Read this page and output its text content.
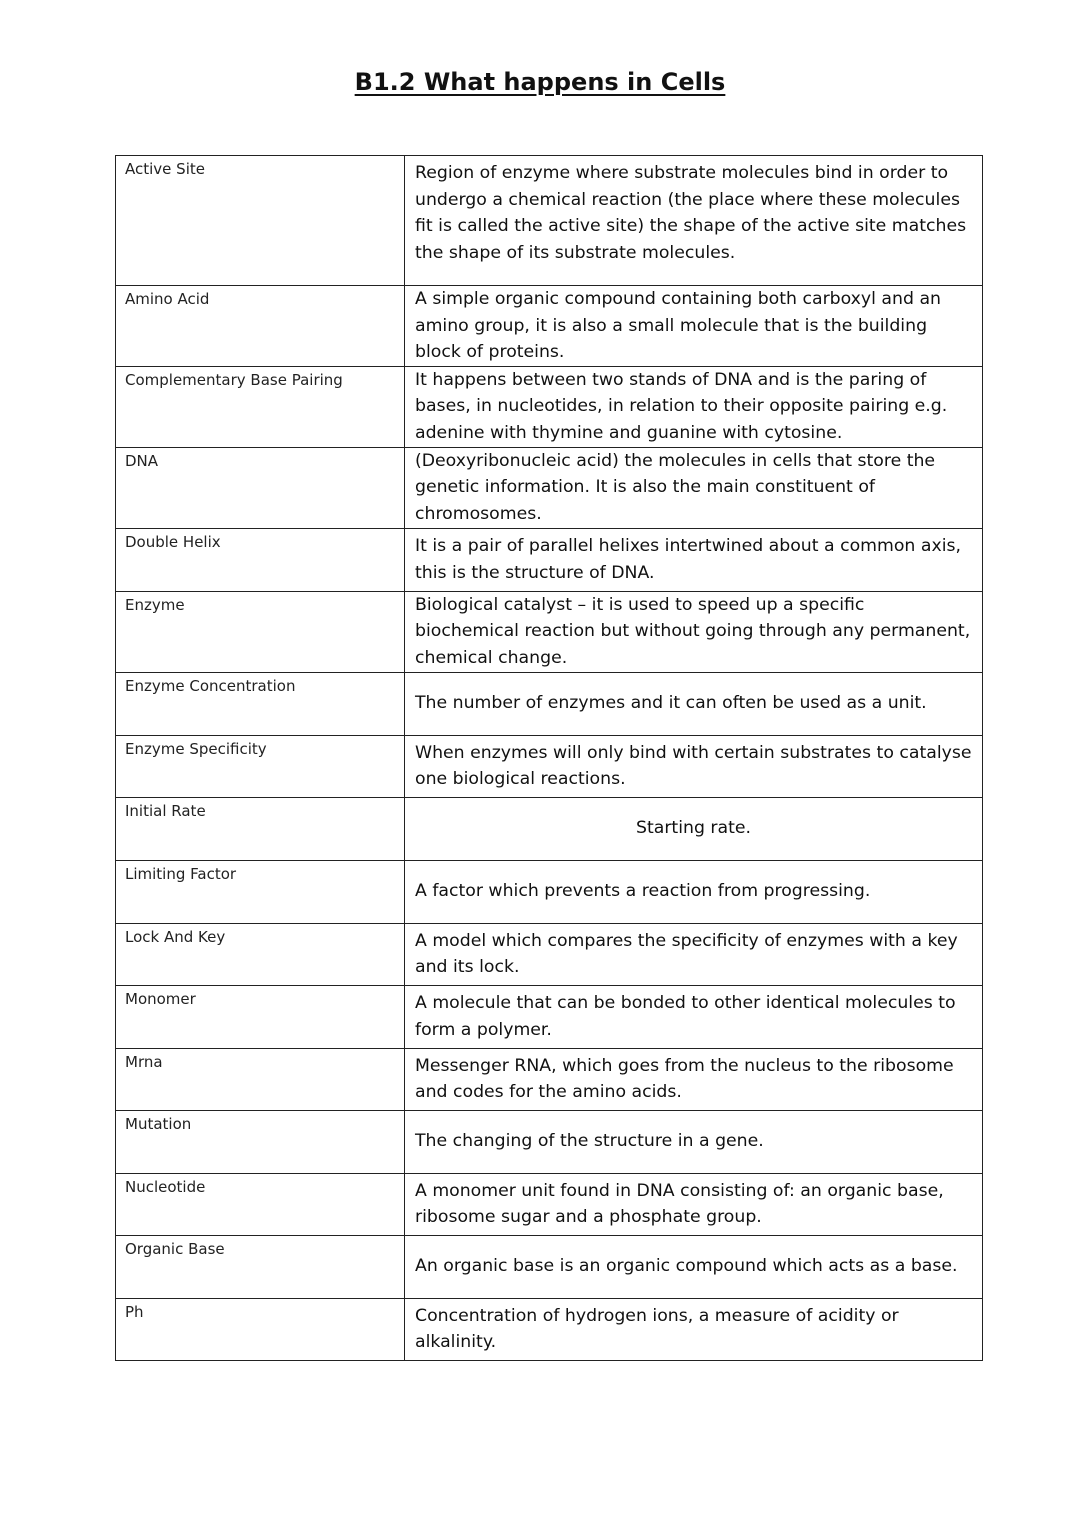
B1.2 What happens in Cells
Active Site	Region of enzyme where substrate molecules bind in order to undergo a chemical reaction (the place where these molecules fit is called the active site) the shape of the active site matches the shape of its substrate molecules.
Amino Acid	A simple organic compound containing both carboxyl and an amino group, it is also a small molecule that is the building block of proteins.
Complementary Base Pairing	It happens between two stands of DNA and is the paring of bases, in nucleotides, in relation to their opposite pairing e.g. adenine with thymine and guanine with cytosine.
DNA	(Deoxyribonucleic acid) the molecules in cells that store the genetic information. It is also the main constituent of chromosomes.
Double Helix	It is a pair of parallel helixes intertwined about a common axis, this is the structure of DNA.
Enzyme	Biological catalyst – it is used to speed up a specific biochemical reaction but without going through any permanent, chemical change.
Enzyme Concentration	The number of enzymes and it can often be used as a unit.
Enzyme Specificity	When enzymes will only bind with certain substrates to catalyse one biological reactions.
Initial Rate	Starting rate.
Limiting Factor	A factor which prevents a reaction from progressing.
Lock And Key	A model which compares the specificity of enzymes with a key and its lock.
Monomer	A molecule that can be bonded to other identical molecules to form a polymer.
Mrna	Messenger RNA, which goes from the nucleus to the ribosome and codes for the amino acids.
Mutation	The changing of the structure in a gene.
Nucleotide	A monomer unit found in DNA consisting of: an organic base, ribosome sugar and a phosphate group.
Organic Base	An organic base is an organic compound which acts as a base.
Ph	Concentration of hydrogen ions, a measure of acidity or alkalinity.
